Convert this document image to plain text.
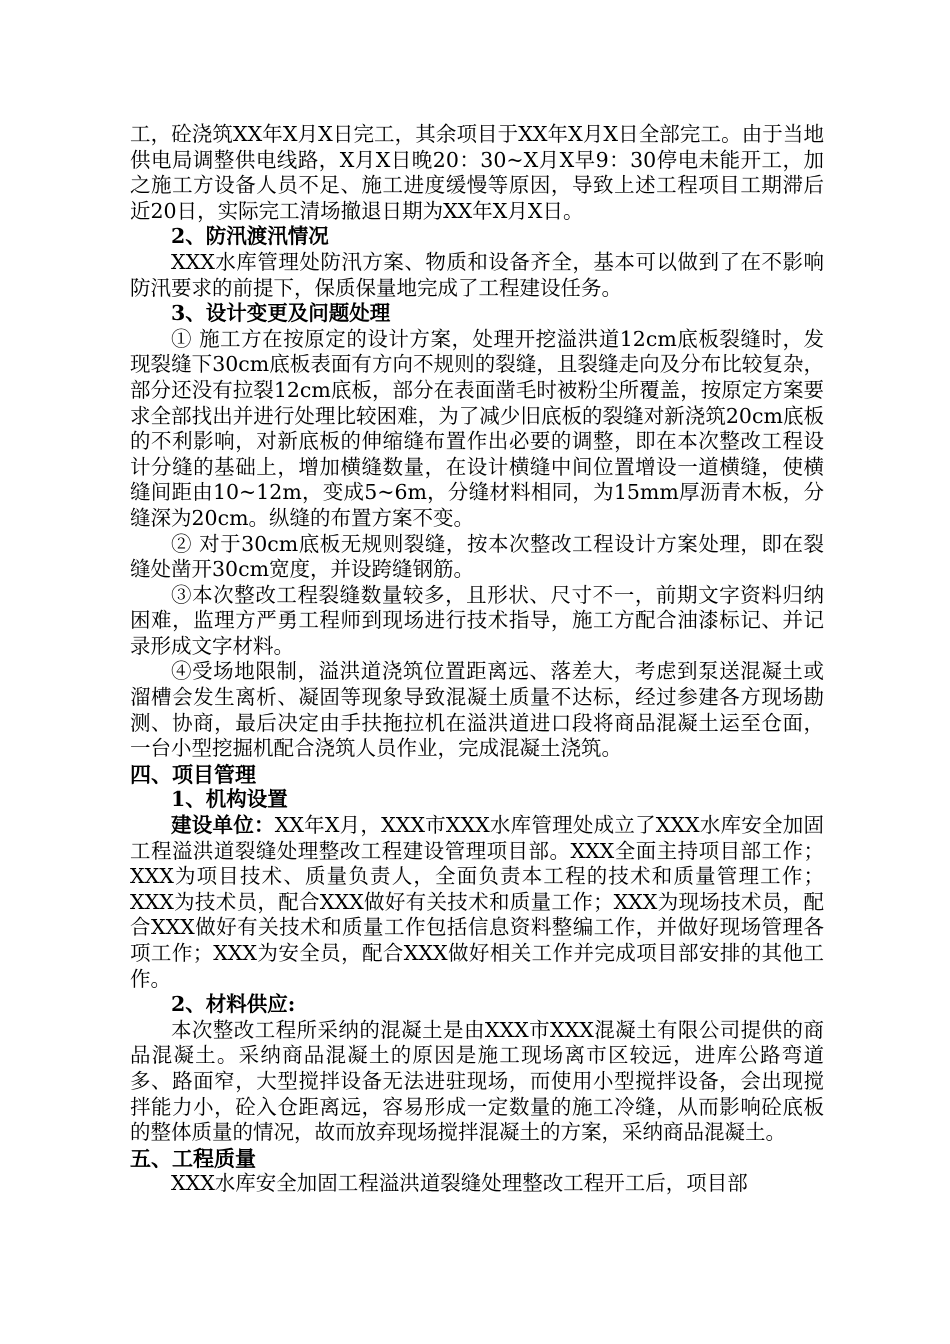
工，砼浇筑XX年X月X日完工，其余项目于XX年X月X日全部完工。由于当地供电局调整供电线路，X月X日晚20：30~X月X早9：30停电未能开工，加之施工方设备人员不足、施工进度缓慢等原因，导致上述工程项目工期滞后近20日，实际完工清场撤退日期为XX年X月X日。

2、防汛渡汛情况

XXX水库管理处防汛方案、物质和设备齐全，基本可以做到了在不影响防汛要求的前提下，保质保量地完成了工程建设任务。

3、设计变更及问题处理

① 施工方在按原定的设计方案，处理开挖溢洪道12cm底板裂缝时，发现裂缝下30cm底板表面有方向不规则的裂缝，且裂缝走向及分布比较复杂，部分还没有拉裂12cm底板，部分在表面凿毛时被粉尘所覆盖，按原定方案要求全部找出并进行处理比较困难，为了减少旧底板的裂缝对新浇筑20cm底板的不利影响，对新底板的伸缩缝布置作出必要的调整，即在本次整改工程设计分缝的基础上，增加横缝数量，在设计横缝中间位置增设一道横缝，使横缝间距由10~12m，变成5~6m，分缝材料相同，为15mm厚沥青木板，分缝深为20cm。纵缝的布置方案不变。

② 对于30cm底板无规则裂缝，按本次整改工程设计方案处理，即在裂缝处凿开30cm宽度，并设跨缝钢筋。

③本次整改工程裂缝数量较多，且形状、尺寸不一，前期文字资料归纳困难，监理方严勇工程师到现场进行技术指导，施工方配合油漆标记、并记录形成文字材料。

④受场地限制，溢洪道浇筑位置距离远、落差大，考虑到泵送混凝土或溜槽会发生离析、凝固等现象导致混凝土质量不达标，经过参建各方现场勘测、协商，最后决定由手扶拖拉机在溢洪道进口段将商品混凝土运至仓面，一台小型挖掘机配合浇筑人员作业，完成混凝土浇筑。

四、项目管理

1、机构设置

建设单位：XX年X月，XXX市XXX水库管理处成立了XXX水库安全加固工程溢洪道裂缝处理整改工程建设管理项目部。XXX全面主持项目部工作；XXX为项目技术、质量负责人，全面负责本工程的技术和质量管理工作；XXX为技术员，配合XXX做好有关技术和质量工作；XXX为现场技术员，配合XXX做好有关技术和质量工作包括信息资料整编工作，并做好现场管理各项工作；XXX为安全员，配合XXX做好相关工作并完成项目部安排的其他工作。

2、材料供应:

本次整改工程所采纳的混凝土是由XXX市XXX混凝土有限公司提供的商品混凝土。采纳商品混凝土的原因是施工现场离市区较远，进库公路弯道多、路面窄，大型搅拌设备无法进驻现场，而使用小型搅拌设备，会出现搅拌能力小，砼入仓距离远，容易形成一定数量的施工冷缝，从而影响砼底板的整体质量的情况，故而放弃现场搅拌混凝土的方案，采纳商品混凝土。

五、工程质量

XXX水库安全加固工程溢洪道裂缝处理整改工程开工后，项目部
